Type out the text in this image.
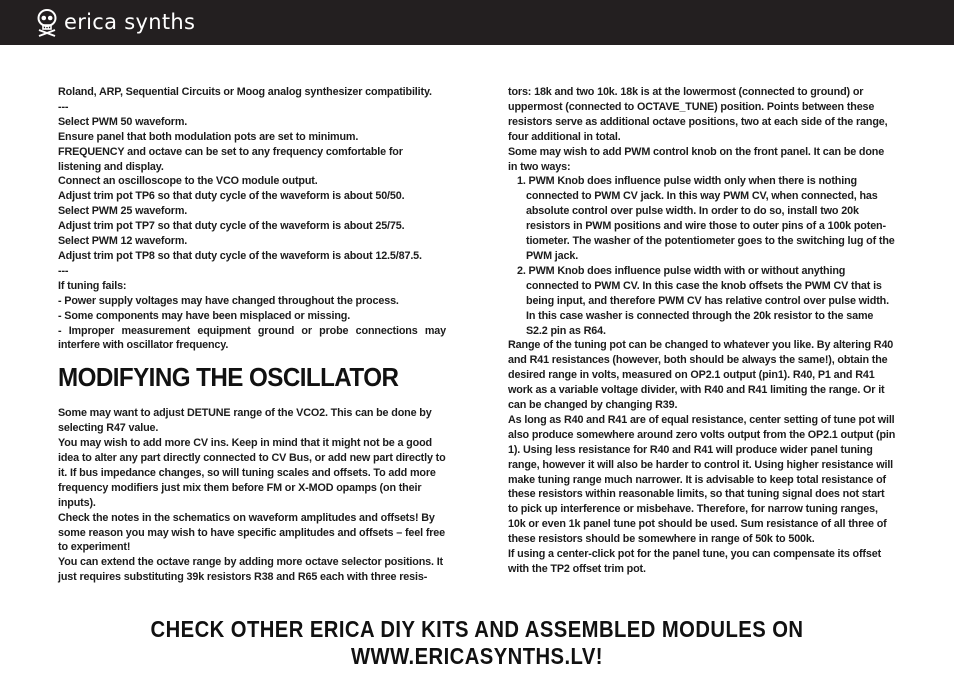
erica synths

Roland, ARP, Sequential Circuits or Moog analog synthesizer compatibility.

---

Select PWM 50 waveform.

Ensure panel that both modulation pots are set to minimum.

FREQUENCY and octave can be set to any frequency comfortable for listening and display.

Connect an oscilloscope to the VCO module output.

Adjust trim pot TP6 so that duty cycle of the waveform is about 50/50.

Select PWM 25 waveform.

Adjust trim pot TP7 so that duty cycle of the waveform is about 25/75.

Select PWM 12 waveform.

Adjust trim pot TP8 so that duty cycle of the waveform is about 12.5/87.5.

---

If tuning fails:

- Power supply voltages may have changed throughout the process.

- Some components may have been misplaced or missing.

- Improper measurement equipment ground or probe connections may interfere with oscillator frequency.

MODIFYING THE OSCILLATOR

Some may want to adjust DETUNE range of the VCO2. This can be done by selecting R47 value.

You may wish to add more CV ins. Keep in mind that it might not be a good idea to alter any part directly connected to CV Bus, or add new part directly to it. If bus impedance changes, so will tuning scales and offsets. To add more frequency modifiers just mix them before FM or X-MOD opamps (on their inputs).

Check the notes in the schematics on waveform amplitudes and offsets! By some reason you may wish to have specific amplitudes and offsets – feel free to experiment!

You can extend the octave range by adding more octave selector positions. It just requires substituting 39k resistors R38 and R65 each with three resis-

tors: 18k and two 10k. 18k is at the lowermost (connected to ground) or uppermost (connected to OCTAVE_TUNE) position. Points between these resistors serve as additional octave positions, two at each side of the range, four additional in total.

Some may wish to add PWM control knob on the front panel. It can be done in two ways:

1. PWM Knob does influence pulse width only when there is nothing connected to PWM CV jack. In this way PWM CV, when connected, has absolute control over pulse width. In order to do so, install two 20k resistors in PWM positions and wire those to outer pins of a 100k poten-tiometer. The washer of the potentiometer goes to the switching lug of the PWM jack.

2. PWM Knob does influence pulse width with or without anything connected to PWM CV. In this case the knob offsets the PWM CV that is being input, and therefore PWM CV has relative control over pulse width. In this case washer is connected through the 20k resistor to the same S2.2 pin as R64.

Range of the tuning pot can be changed to whatever you like. By altering R40 and R41 resistances (however, both should be always the same!), obtain the desired range in volts, measured on OP2.1 output (pin1). R40, P1 and R41 work as a variable voltage divider, with R40 and R41 limiting the range. Or it can be changed by changing R39.

As long as R40 and R41 are of equal resistance, center setting of tune pot will also produce somewhere around zero volts output from the OP2.1 output (pin 1). Using less resistance for R40 and R41 will produce wider panel tuning range, however it will also be harder to control it. Using higher resistance will make tuning range much narrower. It is advisable to keep total resistance of these resistors within reasonable limits, so that tuning signal does not start to pick up interference or misbehave. Therefore, for narrow tuning ranges, 10k or even 1k panel tune pot should be used. Sum resistance of all three of these resistors should be somewhere in range of 50k to 500k.

If using a center-click pot for the panel tune, you can compensate its offset with the TP2 offset trim pot.

CHECK OTHER ERICA DIY KITS AND ASSEMBLED MODULES ON WWW.ERICASYNTHS.LV!
